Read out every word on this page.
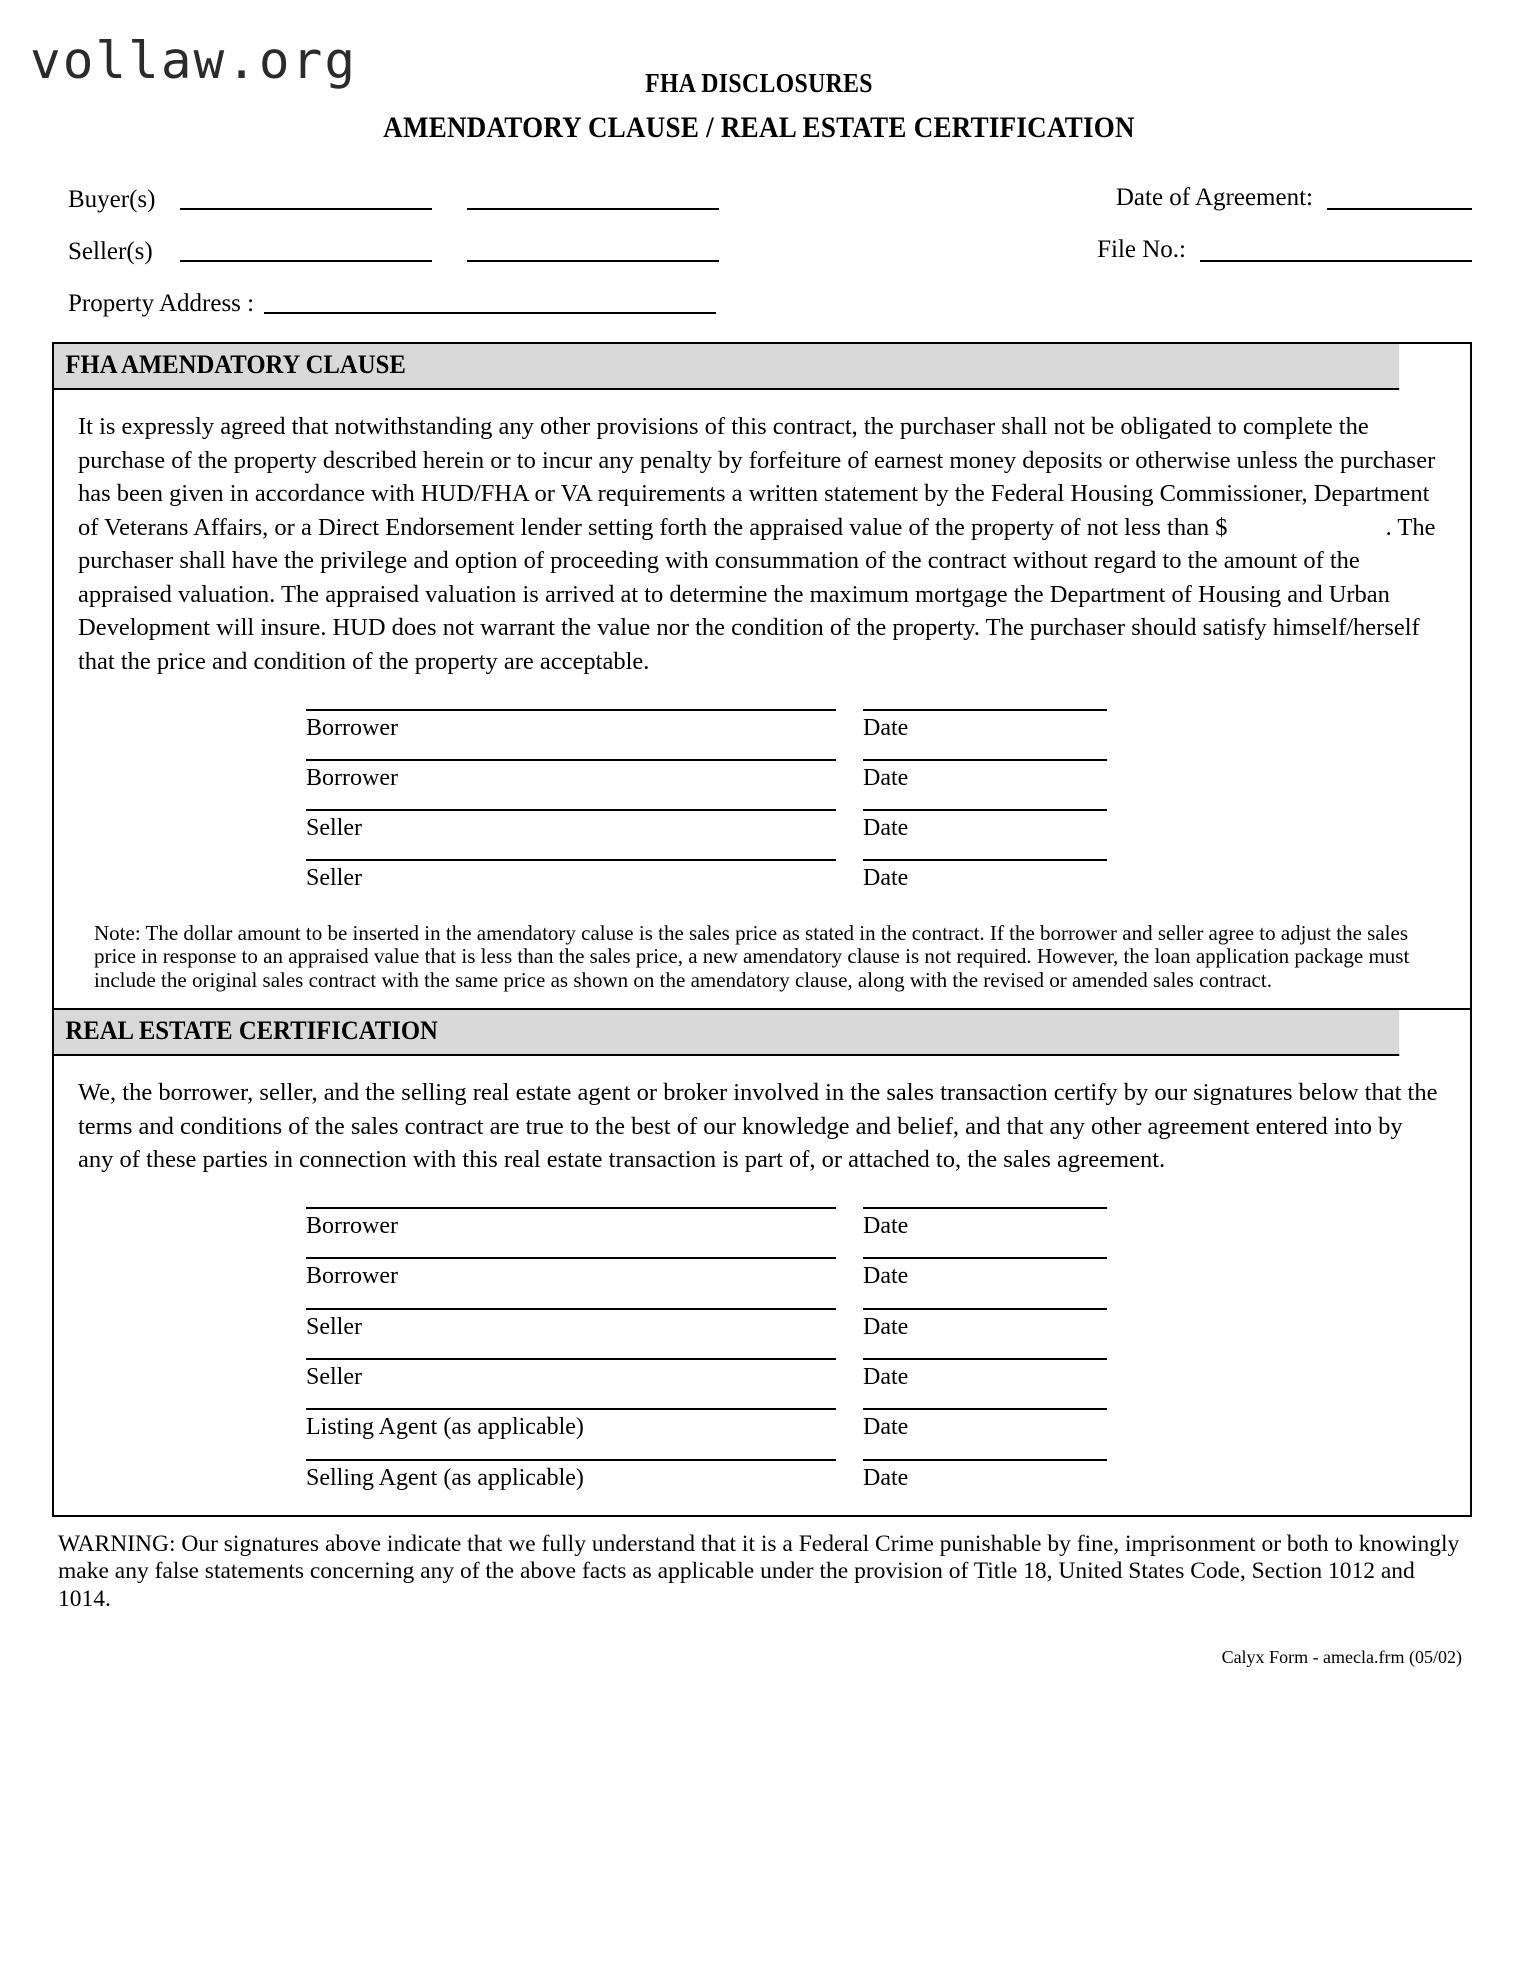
vollaw.org	FHA DISCLOSURES
AMENDATORY CLAUSE / REAL ESTATE CERTIFICATION
Buyer(s)	Date of Agreement:
Seller(s)	File No.:
Property Address :
FHA AMENDATORY CLAUSE
It is expressly agreed that notwithstanding any other provisions of this contract, the purchaser shall not be obligated to complete the purchase of the property described herein or to incur any penalty by forfeiture of earnest money deposits or otherwise unless the purchaser has been given in accordance with HUD/FHA or VA requirements a written statement by the Federal Housing Commissioner, Department of Veterans Affairs, or a Direct Endorsement lender setting forth the appraised value of the property of not less than $	. The purchaser shall have the privilege and option of proceeding with consummation of the contract without regard to the amount of the appraised valuation. The appraised valuation is arrived at to determine the maximum mortgage the Department of Housing and Urban Development will insure. HUD does not warrant the value nor the condition of the property. The purchaser should satisfy himself/herself that the price and condition of the property are acceptable.
Borrower	Date
Borrower	Date
Seller	Date
Seller	Date
Note: The dollar amount to be inserted in the amendatory caluse is the sales price as stated in the contract. If the borrower and seller agree to adjust the sales price in response to an appraised value that is less than the sales price, a new amendatory clause is not required. However, the loan application package must include the original sales contract with the same price as shown on the amendatory clause, along with the revised or amended sales contract.
REAL ESTATE CERTIFICATION
We, the borrower, seller, and the selling real estate agent or broker involved in the sales transaction certify by our signatures below that the terms and conditions of the sales contract are true to the best of our knowledge and belief, and that any other agreement entered into by any of these parties in connection with this real estate transaction is part of, or attached to, the sales agreement.
Borrower	Date
Borrower	Date
Seller	Date
Seller	Date
Listing Agent (as applicable)	Date
Selling Agent (as applicable)	Date
WARNING: Our signatures above indicate that we fully understand that it is a Federal Crime punishable by fine, imprisonment or both to knowingly make any false statements concerning any of the above facts as applicable under the provision of Title 18, United States Code, Section 1012 and 1014.
Calyx Form - amecla.frm (05/02)
